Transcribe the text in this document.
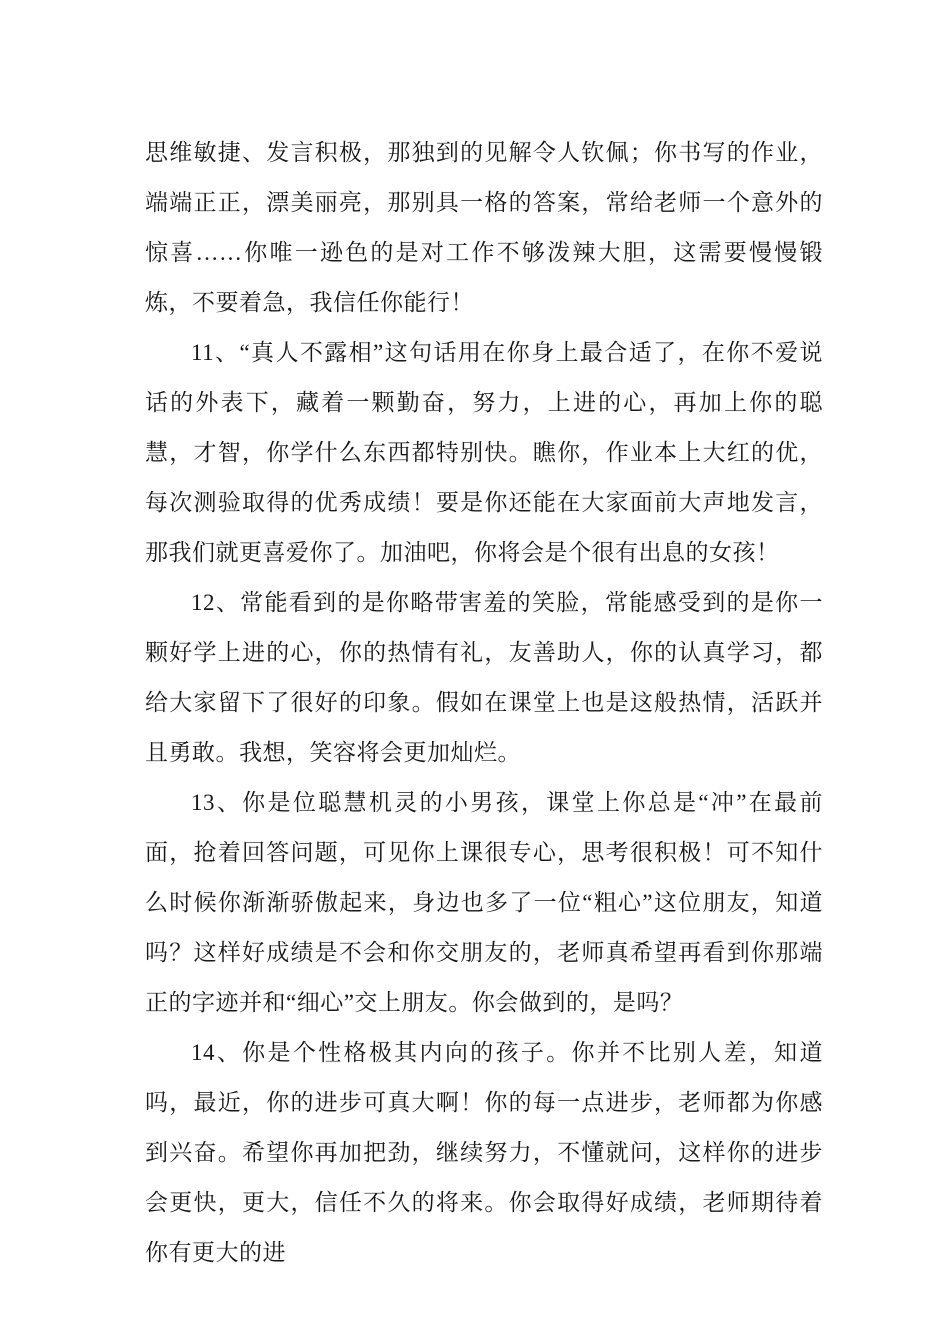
思维敏捷、发言积极，那独到的见解令人钦佩；你书写的作业，端端正正，漂美丽亮，那别具一格的答案，常给老师一个意外的惊喜……你唯一逊色的是对工作不够泼辣大胆，这需要慢慢锻炼，不要着急，我信任你能行！

11、“真人不露相”这句话用在你身上最合适了，在你不爱说话的外表下，藏着一颗勤奋，努力，上进的心，再加上你的聪慧，才智，你学什么东西都特别快。瞧你，作业本上大红的优，每次测验取得的优秀成绩！要是你还能在大家面前大声地发言，那我们就更喜爱你了。加油吧，你将会是个很有出息的女孩！

12、常能看到的是你略带害羞的笑脸，常能感受到的是你一颗好学上进的心，你的热情有礼，友善助人，你的认真学习，都给大家留下了很好的印象。假如在课堂上也是这般热情，活跃并且勇敢。我想，笑容将会更加灿烂。

13、你是位聪慧机灵的小男孩，课堂上你总是“冲”在最前面，抢着回答问题，可见你上课很专心，思考很积极！可不知什么时候你渐渐骄傲起来，身边也多了一位“粗心”这位朋友，知道吗？这样好成绩是不会和你交朋友的，老师真希望再看到你那端正的字迹并和“细心”交上朋友。你会做到的，是吗？

14、你是个性格极其内向的孩子。你并不比别人差，知道吗，最近，你的进步可真大啊！你的每一点进步，老师都为你感到兴奋。希望你再加把劲，继续努力，不懂就问，这样你的进步会更快，更大，信任不久的将来。你会取得好成绩，老师期待着你有更大的进
